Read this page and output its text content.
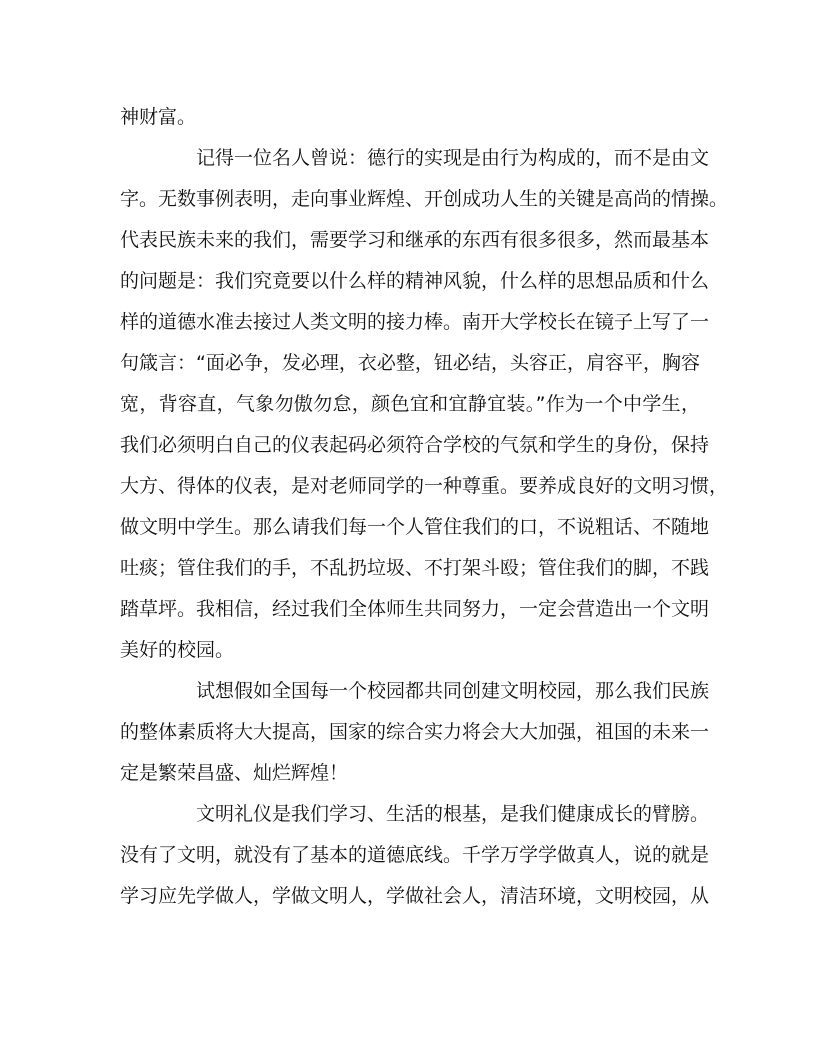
神财富。
记得一位名人曾说：德行的实现是由行为构成的，而不是由文
字。无数事例表明，走向事业辉煌、开创成功人生的关键是高尚的情操。
代表民族未来的我们，需要学习和继承的东西有很多很多，然而最基本
的问题是：我们究竟要以什么样的精神风貌，什么样的思想品质和什么
样的道德水准去接过人类文明的接力棒。南开大学校长在镜子上写了一
句箴言：“面必争，发必理，衣必整，钮必结，头容正，肩容平，胸容
宽，背容直，气象勿傲勿怠，颜色宜和宜静宜装。”作为一个中学生，
我们必须明白自己的仪表起码必须符合学校的气氛和学生的身份，保持
大方、得体的仪表，是对老师同学的一种尊重。要养成良好的文明习惯，
做文明中学生。那么请我们每一个人管住我们的口，不说粗话、不随地
吐痰；管住我们的手，不乱扔垃圾、不打架斗殴；管住我们的脚，不践
踏草坪。我相信，经过我们全体师生共同努力，一定会营造出一个文明
美好的校园。
试想假如全国每一个校园都共同创建文明校园，那么我们民族
的整体素质将大大提高，国家的综合实力将会大大加强，祖国的未来一
定是繁荣昌盛、灿烂辉煌！
文明礼仪是我们学习、生活的根基，是我们健康成长的臂膀。
没有了文明，就没有了基本的道德底线。千学万学学做真人，说的就是
学习应先学做人，学做文明人，学做社会人，清洁环境，文明校园，从
